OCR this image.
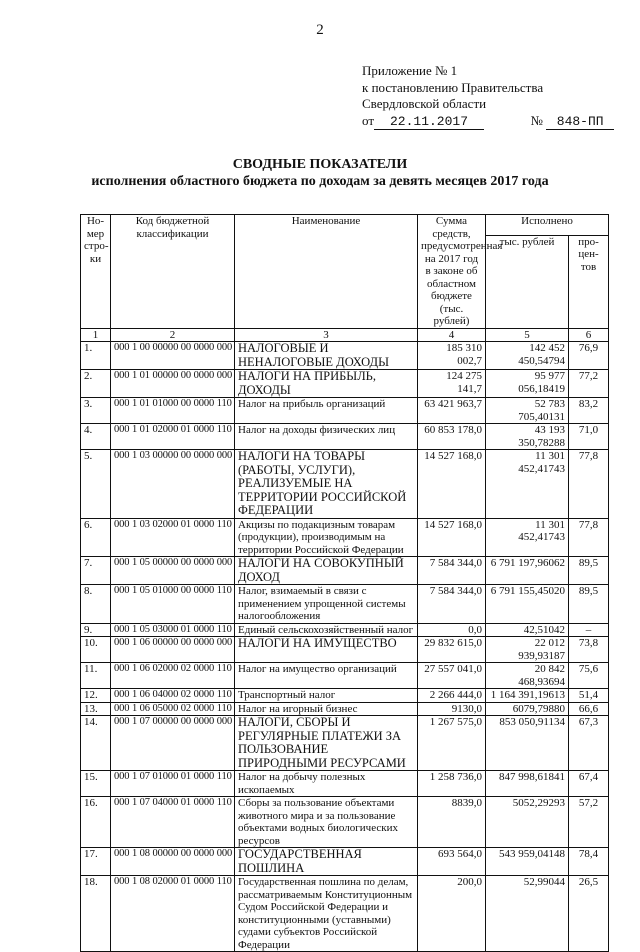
2
Приложение № 1
к постановлению Правительства
Свердловской области
от 22.11.2017	№ 848-ПП
СВОДНЫЕ ПОКАЗАТЕЛИ
исполнения областного бюджета по доходам за девять месяцев 2017 года
Но-мер стро-ки	Код бюджетной классификации	Наименование	Сумма средств, предусмотренная на 2017 год в законе об областном бюджете (тыс. рублей)	Исполнено	
				тыс. рублей	про-цен-тов
1	2	3	4	5	6
1.	000 1 00 00000 00 0000 000	НАЛОГОВЫЕ И НЕНАЛОГОВЫЕ ДОХОДЫ	185 310 002,7	142 452 450,54794	76,9
2.	000 1 01 00000 00 0000 000	НАЛОГИ НА ПРИБЫЛЬ, ДОХОДЫ	124 275 141,7	95 977 056,18419	77,2
3.	000 1 01 01000 00 0000 110	Налог на прибыль организаций	63 421 963,7	52 783 705,40131	83,2
4.	000 1 01 02000 01 0000 110	Налог на доходы физических лиц	60 853 178,0	43 193 350,78288	71,0
5.	000 1 03 00000 00 0000 000	НАЛОГИ НА ТОВАРЫ (РАБОТЫ, УСЛУГИ), РЕАЛИЗУЕМЫЕ НА ТЕРРИТОРИИ РОССИЙСКОЙ ФЕДЕРАЦИИ	14 527 168,0	11 301 452,41743	77,8
6.	000 1 03 02000 01 0000 110	Акцизы по подакцизным товарам (продукции), производимым на территории Российской Федерации	14 527 168,0	11 301 452,41743	77,8
7.	000 1 05 00000 00 0000 000	НАЛОГИ НА СОВОКУПНЫЙ ДОХОД	7 584 344,0	6 791 197,96062	89,5
8.	000 1 05 01000 00 0000 110	Налог, взимаемый в связи с применением упрощенной системы налогообложения	7 584 344,0	6 791 155,45020	89,5
9.	000 1 05 03000 01 0000 110	Единый сельскохозяйственный налог	0,0	42,51042	–
10.	000 1 06 00000 00 0000 000	НАЛОГИ НА ИМУЩЕСТВО	29 832 615,0	22 012 939,93187	73,8
11.	000 1 06 02000 02 0000 110	Налог на имущество организаций	27 557 041,0	20 842 468,93694	75,6
12.	000 1 06 04000 02 0000 110	Транспортный налог	2 266 444,0	1 164 391,19613	51,4
13.	000 1 06 05000 02 0000 110	Налог на игорный бизнес	9130,0	6079,79880	66,6
14.	000 1 07 00000 00 0000 000	НАЛОГИ, СБОРЫ И РЕГУЛЯРНЫЕ ПЛАТЕЖИ ЗА ПОЛЬЗОВАНИЕ ПРИРОДНЫМИ РЕСУРСАМИ	1 267 575,0	853 050,91134	67,3
15.	000 1 07 01000 01 0000 110	Налог на добычу полезных ископаемых	1 258 736,0	847 998,61841	67,4
16.	000 1 07 04000 01 0000 110	Сборы за пользование объектами животного мира и за пользование объектами водных биологических ресурсов	8839,0	5052,29293	57,2
17.	000 1 08 00000 00 0000 000	ГОСУДАРСТВЕННАЯ ПОШЛИНА	693 564,0	543 959,04148	78,4
18.	000 1 08 02000 01 0000 110	Государственная пошлина по делам, рассматриваемым Конституционным Судом Российской Федерации и конституционными (уставными) судами субъектов Российской Федерации	200,0	52,99044	26,5
